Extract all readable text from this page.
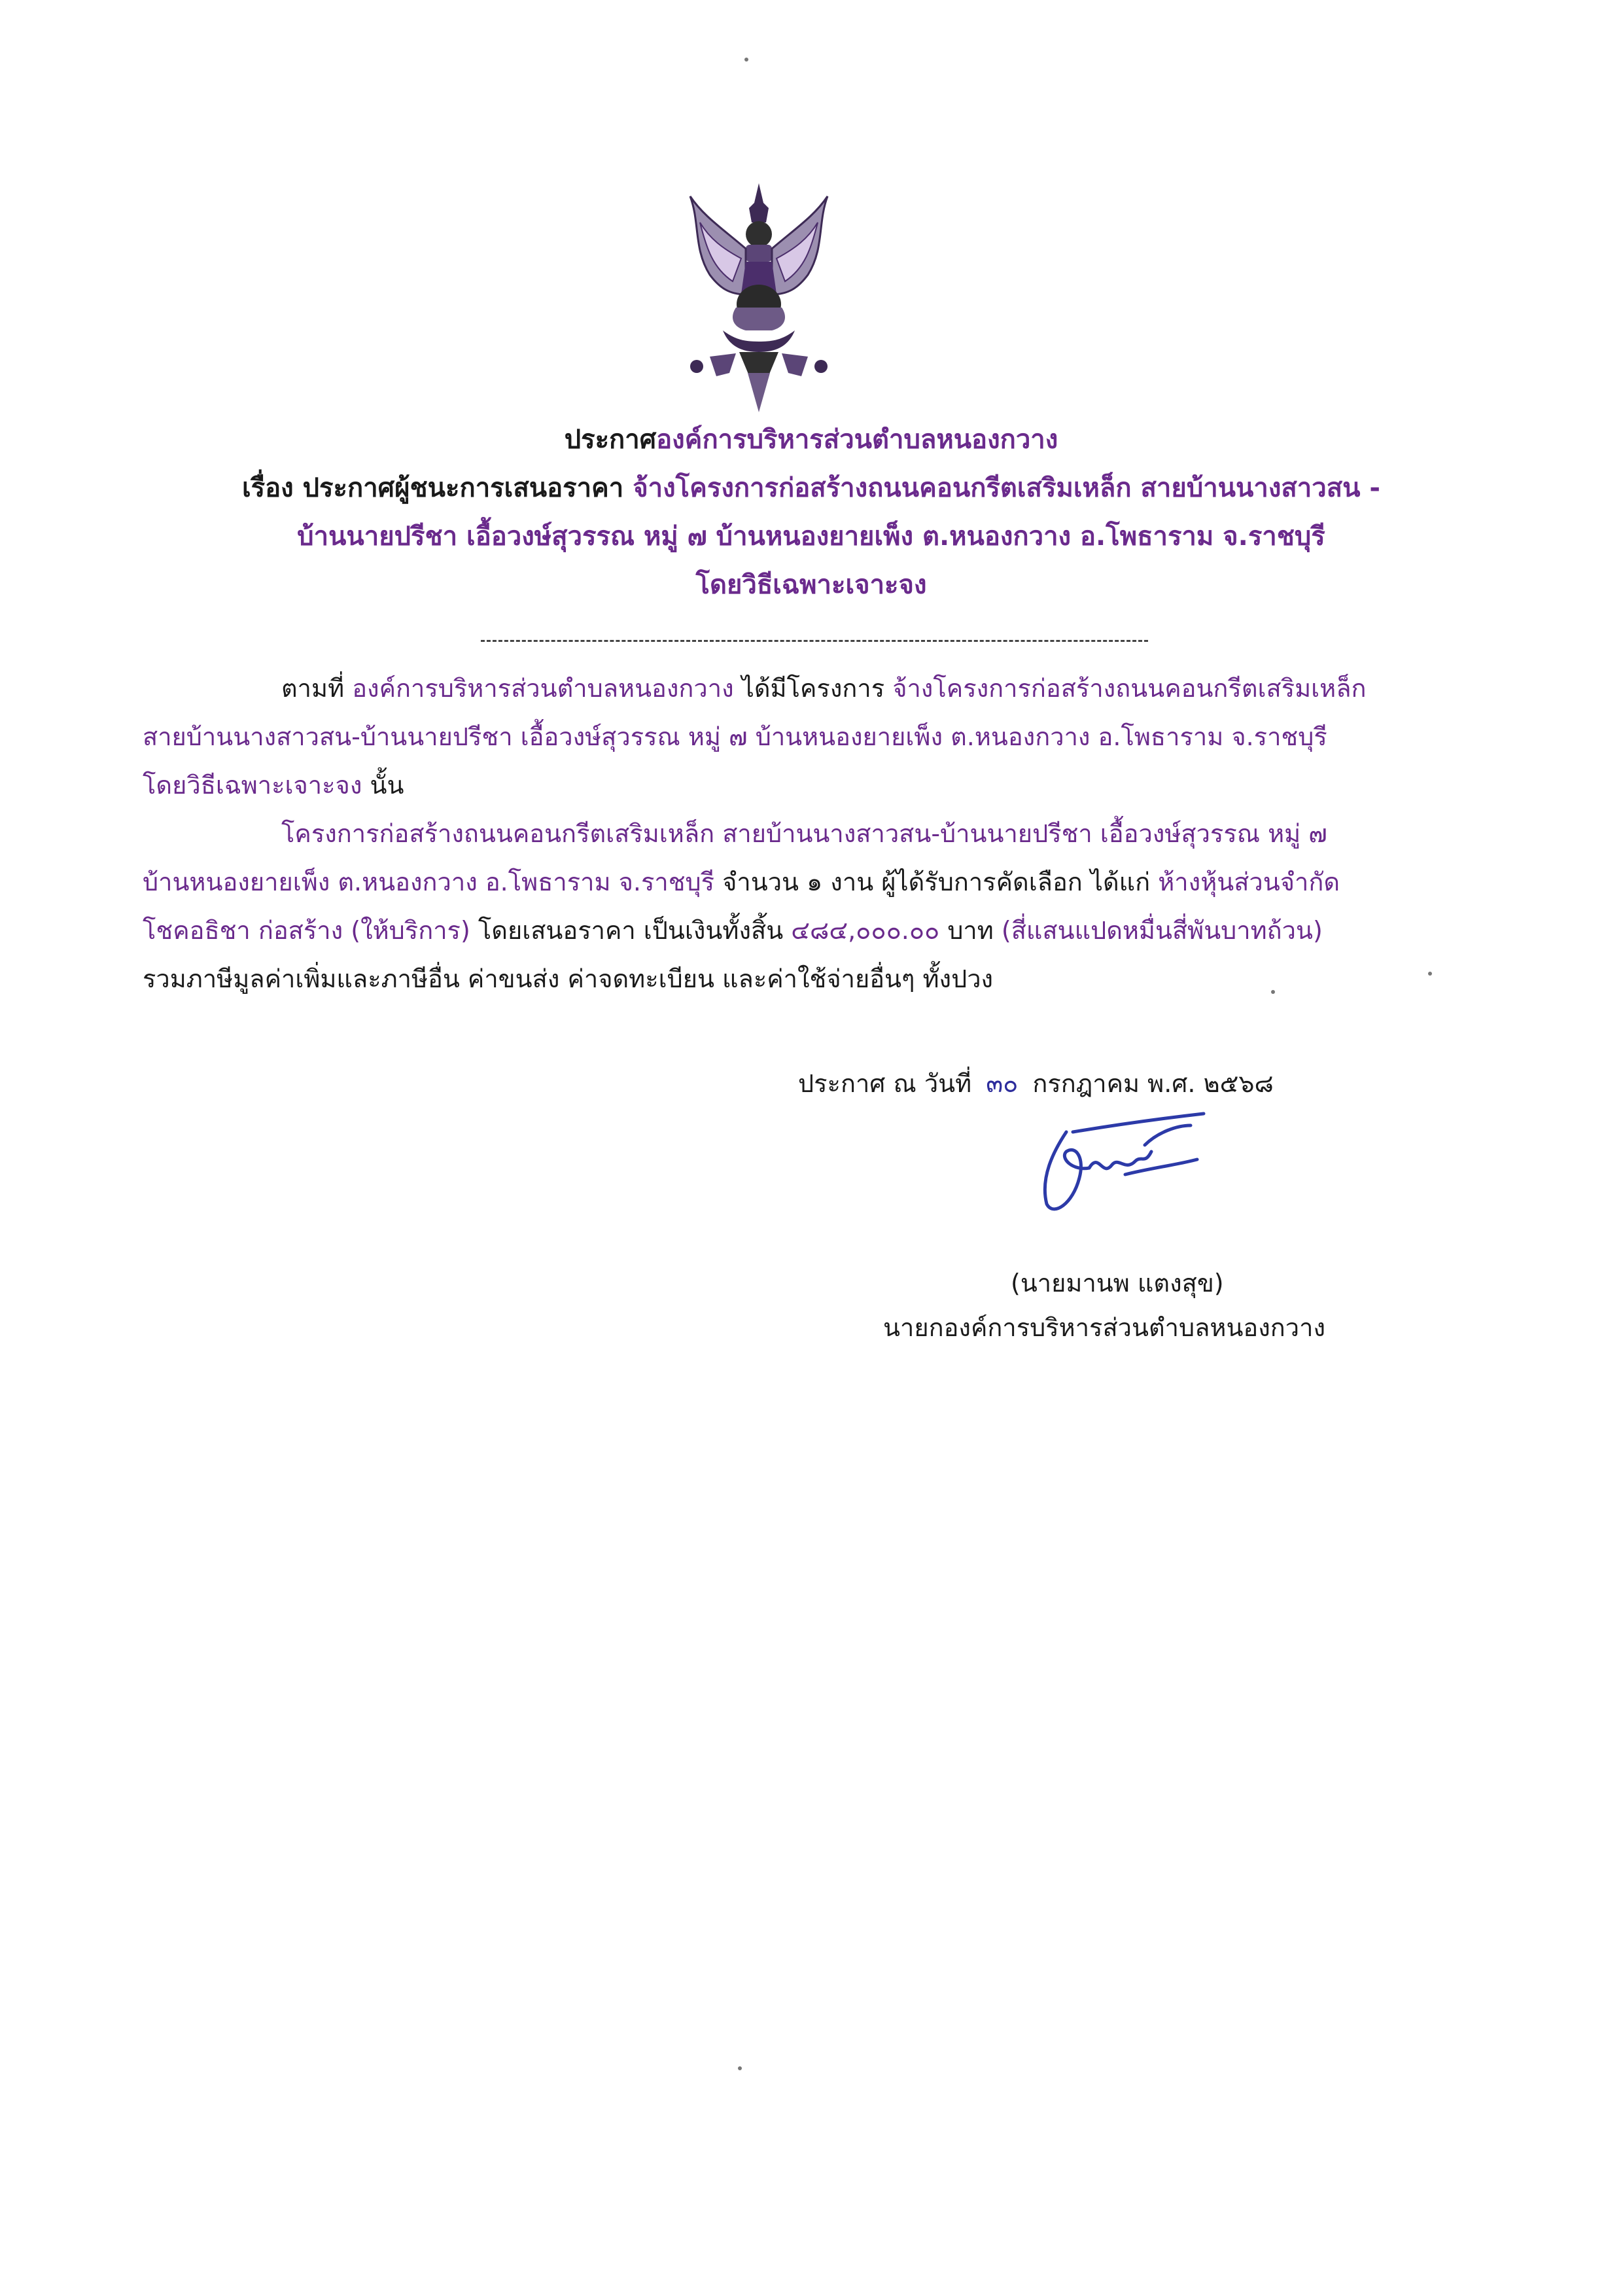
ประกาศองค์การบริหารส่วนตำบลหนองกวาง
เรื่อง ประกาศผู้ชนะการเสนอราคา จ้างโครงการก่อสร้างถนนคอนกรีตเสริมเหล็ก สายบ้านนางสาวสน -
บ้านนายปรีชา เอื้อวงษ์สุวรรณ หมู่ ๗ บ้านหนองยายเพ็ง ต.หนองกวาง อ.โพธาราม จ.ราชบุรี
โดยวิธีเฉพาะเจาะจง
ตามที่ องค์การบริหารส่วนตำบลหนองกวาง ได้มีโครงการ จ้างโครงการก่อสร้างถนนคอนกรีตเสริมเหล็ก
สายบ้านนางสาวสน-บ้านนายปรีชา เอื้อวงษ์สุวรรณ หมู่ ๗ บ้านหนองยายเพ็ง ต.หนองกวาง อ.โพธาราม จ.ราชบุรี
โดยวิธีเฉพาะเจาะจง นั้น
โครงการก่อสร้างถนนคอนกรีตเสริมเหล็ก สายบ้านนางสาวสน-บ้านนายปรีชา เอื้อวงษ์สุวรรณ หมู่ ๗
บ้านหนองยายเพ็ง ต.หนองกวาง อ.โพธาราม จ.ราชบุรี จำนวน ๑ งาน ผู้ได้รับการคัดเลือก ได้แก่ ห้างหุ้นส่วนจำกัด
โชคอธิชา ก่อสร้าง (ให้บริการ) โดยเสนอราคา เป็นเงินทั้งสิ้น ๔๘๔,๐๐๐.๐๐ บาท (สี่แสนแปดหมื่นสี่พันบาทถ้วน)
รวมภาษีมูลค่าเพิ่มและภาษีอื่น ค่าขนส่ง ค่าจดทะเบียน และค่าใช้จ่ายอื่นๆ ทั้งปวง
ประกาศ ณ วันที่ ๓๐ กรกฎาคม พ.ศ. ๒๕๖๘
(นายมานพ แตงสุข)
นายกองค์การบริหารส่วนตำบลหนองกวาง
